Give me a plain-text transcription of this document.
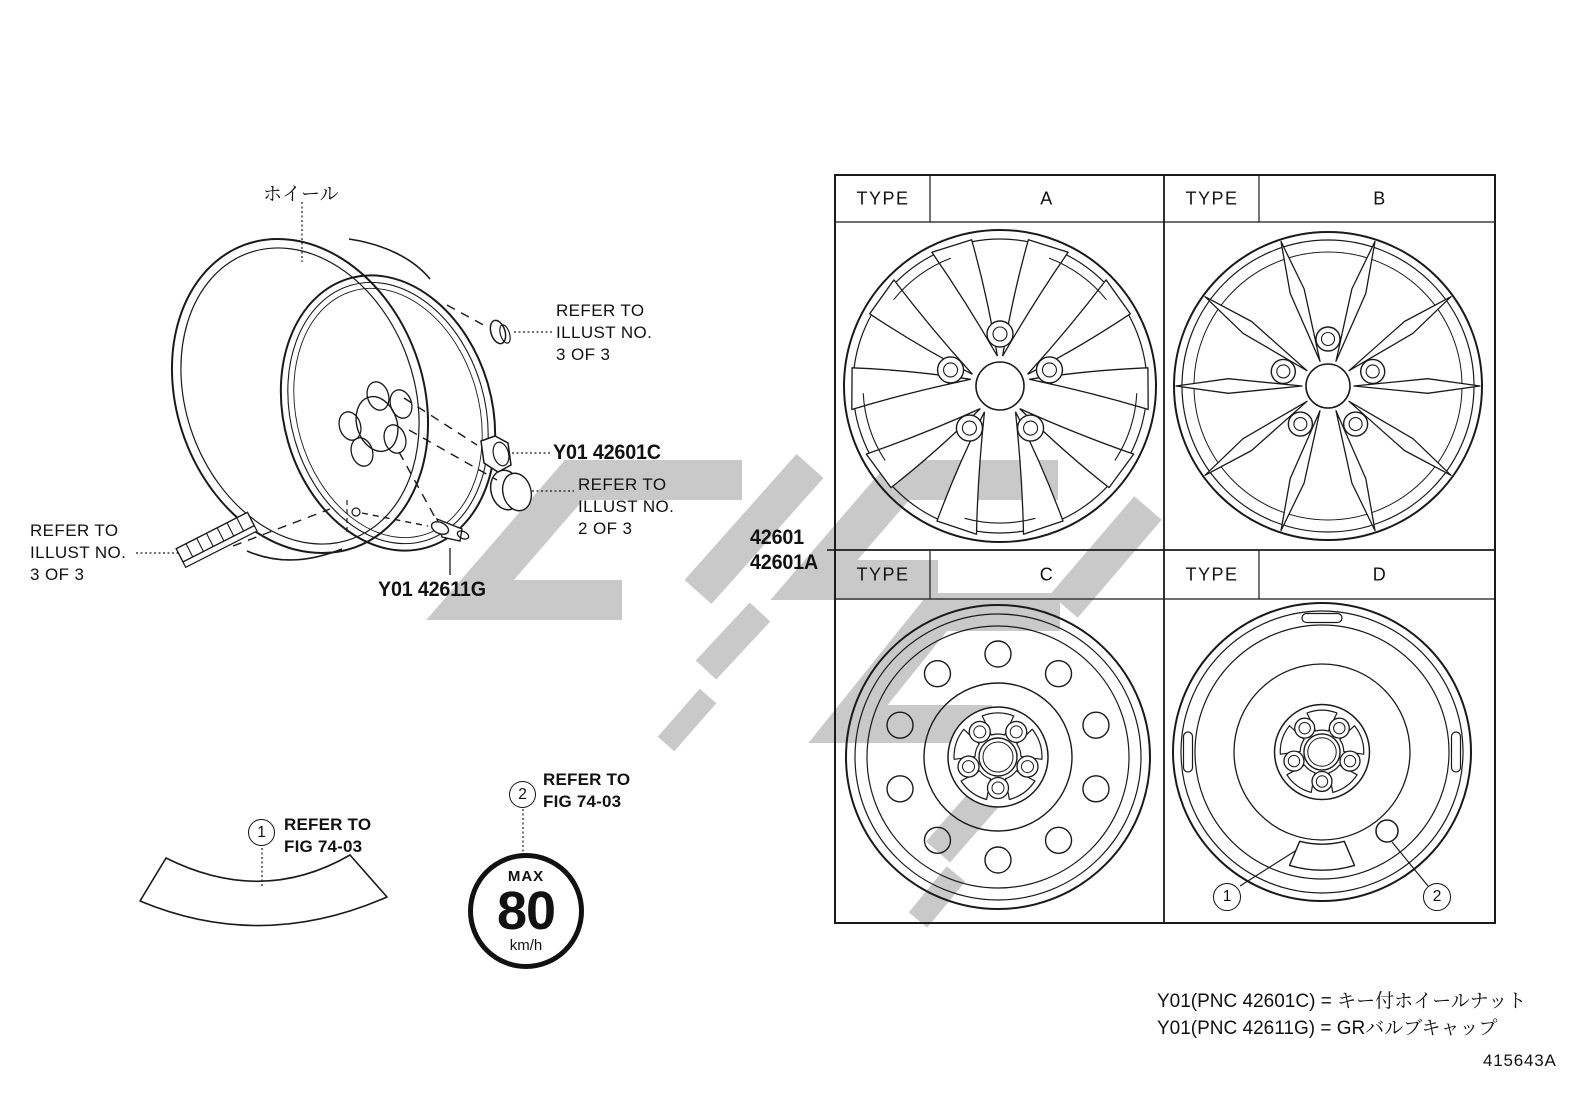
ホイール
REFER TO
ILLUST NO.
3 OF 3
Y01 42601C
REFER TO
ILLUST NO.
2 OF 3
REFER TO
ILLUST NO.
3 OF 3
Y01 42611G
42601
42601A
TYPE	A	TYPE	B
TYPE	C	TYPE	D
1	REFER TO
FIG 74-03
2
REFER TO
FIG 74-03
MAX
80
km/h
1	2
Y01(PNC 42601C) = キー付ホイールナット
Y01(PNC 42611G) = GRバルブキャップ
415643A
